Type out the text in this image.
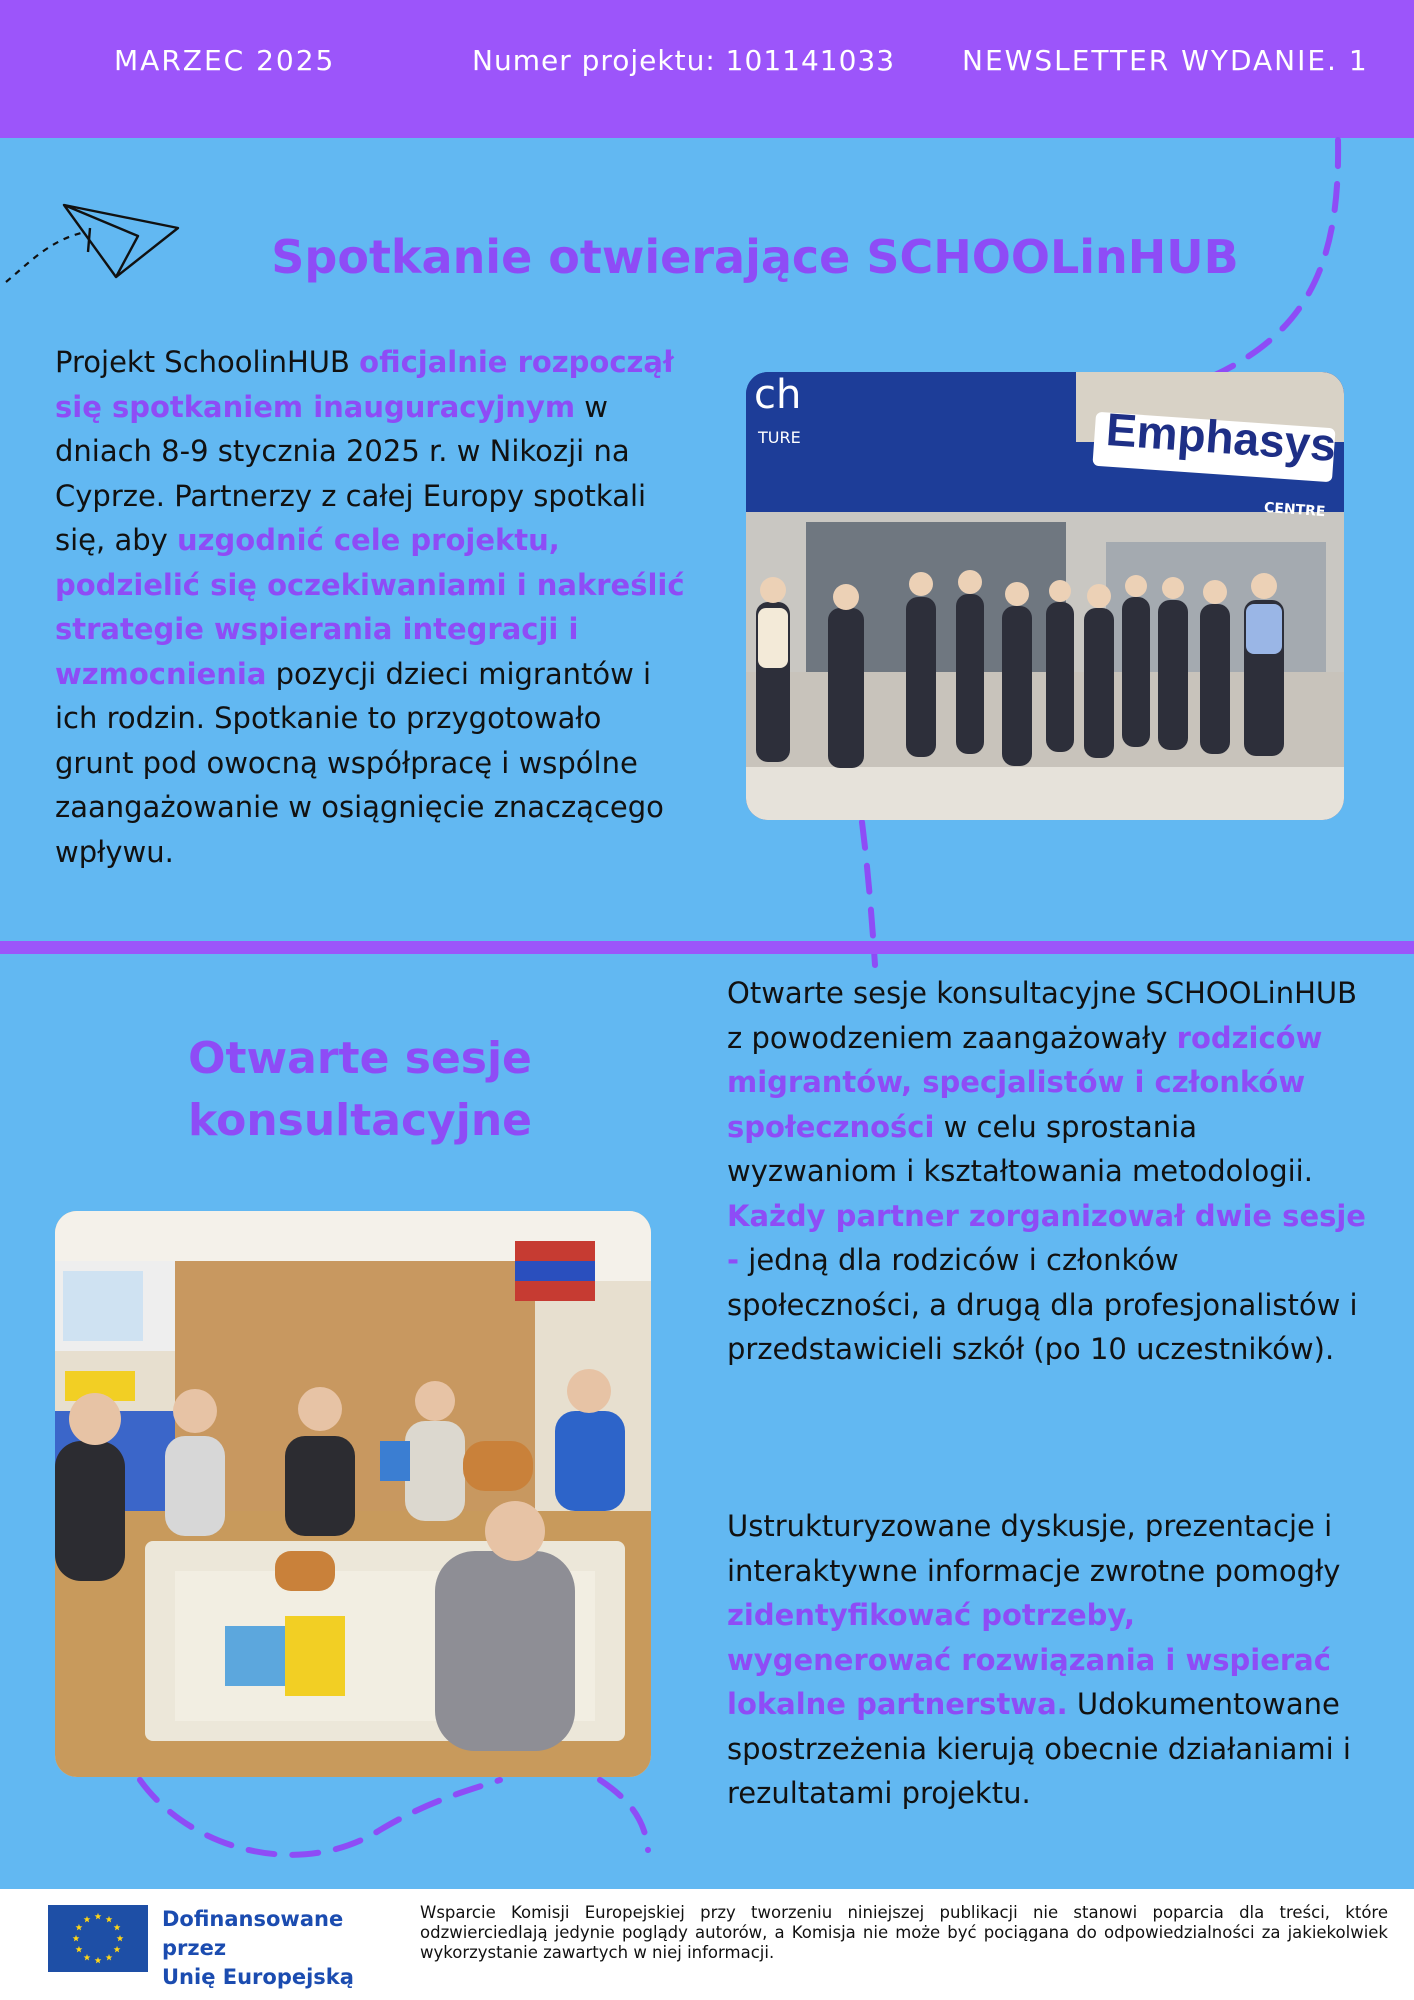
MARZEC 2025	Numer projektu: 101141033 NEWSLETTER WYDANIE. 1
Spotkanie otwierające SCHOOLinHUB

Projekt SchoolinHUB oficjalnie rozpoczął się spotkaniem inauguracyjnym w dniach 8-9 stycznia 2025 r. w Nikozji na Cyprze. Partnerzy z całej Europy spotkali się, aby uzgodnić cele projektu, podzielić się oczekiwaniami i nakreślić strategie wspierania integracji i wzmocnienia pozycji dzieci migrantów i ich rodzin. Spotkanie to przygotowało grunt pod owocną współpracę i wspólne zaangażowanie w osiągnięcie znaczącego wpływu.

ch
TURE	Emphasys
CENTRE
Otwarte sesje konsultacyjne

Otwarte sesje konsultacyjne SCHOOLinHUB z powodzeniem zaangażowały rodziców migrantów, specjalistów i członków społeczności w celu sprostania wyzwaniom i kształtowania metodologii. Każdy partner zorganizował dwie sesje - jedną dla rodziców i członków społeczności, a drugą dla profesjonalistów i przedstawicieli szkół (po 10 uczestników).

Ustrukturyzowane dyskusje, prezentacje i interaktywne informacje zwrotne pomogły zidentyfikować potrzeby, wygenerować rozwiązania i wspierać lokalne partnerstwa. Udokumentowane spostrzeżenia kierują obecnie działaniami i rezultatami projektu.

Dofinansowane przez
Unię Europejską

Wsparcie Komisji Europejskiej przy tworzeniu niniejszej publikacji nie stanowi poparcia dla treści, które odzwierciedlają jedynie poglądy autorów, a Komisja nie może być pociągana do odpowiedzialności za jakiekolwiek wykorzystanie zawartych w niej informacji.
